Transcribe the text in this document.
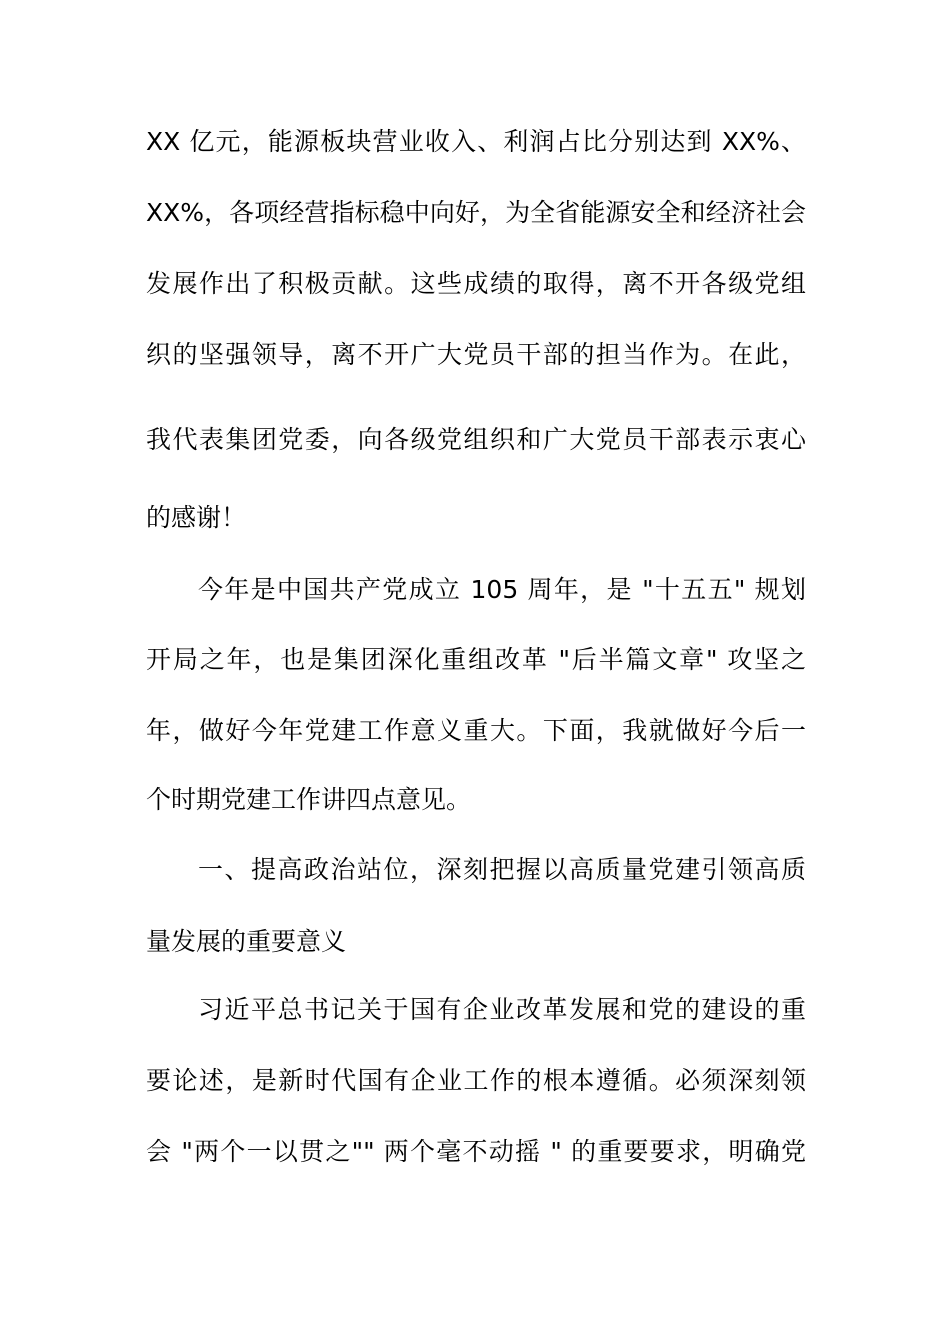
XX 亿元，能源板块营业收入、利润占比分别达到 XX%、
XX%，各项经营指标稳中向好，为全省能源安全和经济社会
发展作出了积极贡献。这些成绩的取得，离不开各级党组
织的坚强领导，离不开广大党员干部的担当作为。在此，
我代表集团党委，向各级党组织和广大党员干部表示衷心
的感谢！
今年是中国共产党成立 105 周年，是 "十五五" 规划
开局之年，也是集团深化重组改革 "后半篇文章" 攻坚之
年，做好今年党建工作意义重大。下面，我就做好今后一
个时期党建工作讲四点意见。
一、提高政治站位，深刻把握以高质量党建引领高质
量发展的重要意义
习近平总书记关于国有企业改革发展和党的建设的重
要论述，是新时代国有企业工作的根本遵循。必须深刻领
会 "两个一以贯之"" 两个毫不动摇 " 的重要要求，明确党
